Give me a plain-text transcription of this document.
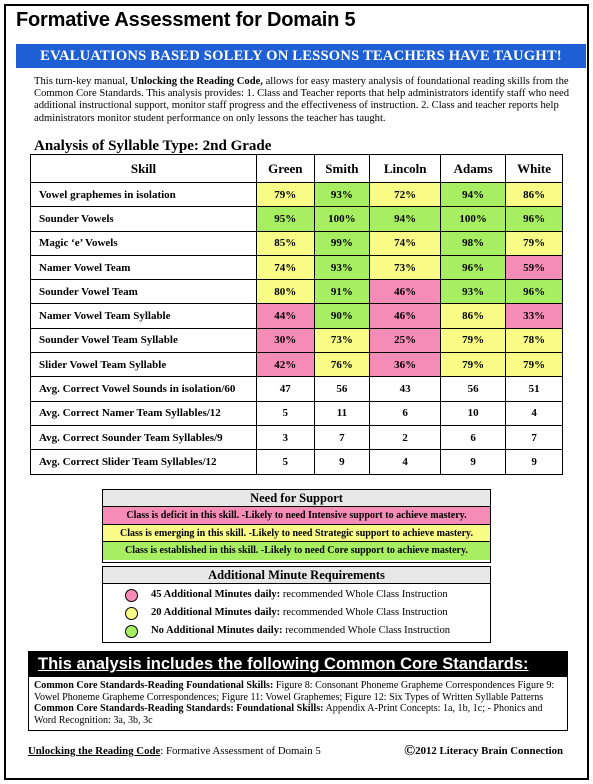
Formative Assessment for Domain 5
EVALUATIONS BASED SOLELY ON LESSONS TEACHERS HAVE TAUGHT!
This turn-key manual, Unlocking the Reading Code, allows for easy mastery analysis of foundational reading skills from the Common Core Standards. This analysis provides: 1. Class and Teacher reports that help administrators identify staff who need additional instructional support, monitor staff progress and the effectiveness of instruction. 2. Class and teacher reports help administrators monitor student performance on only lessons the teacher has taught.
Analysis of Syllable Type: 2nd Grade
Skill	Green	Smith	Lincoln	Adams	White
Vowel graphemes in isolation	79%	93%	72%	94%	86%
Sounder Vowels	95%	100%	94%	100%	96%
Magic ‘e’ Vowels	85%	99%	74%	98%	79%
Namer Vowel Team	74%	93%	73%	96%	59%
Sounder Vowel Team	80%	91%	46%	93%	96%
Namer Vowel Team Syllable	44%	90%	46%	86%	33%
Sounder Vowel Team Syllable	30%	73%	25%	79%	78%
Slider Vowel Team Syllable	42%	76%	36%	79%	79%
Avg. Correct Vowel Sounds in isolation/60	47	56	43	56	51
Avg. Correct Namer Team Syllables/12	5	11	6	10	4
Avg. Correct Sounder Team Syllables/9	3	7	2	6	7
Avg. Correct Slider Team Syllables/12	5	9	4	9	9
Need for Support
Class is deficit in this skill. -Likely to need Intensive support to achieve mastery.
Class is emerging in this skill. -Likely to need Strategic support to achieve mastery.
Class is established in this skill. -Likely to need Core support to achieve mastery.
Additional Minute Requirements
45 Additional Minutes daily: recommended Whole Class Instruction
20 Additional Minutes daily: recommended Whole Class Instruction
No Additional Minutes daily: recommended Whole Class Instruction
This analysis includes the following Common Core Standards:
Common Core Standards-Reading Foundational Skills: Figure 8: Consonant Phoneme Grapheme Correspondences Figure 9: Vowel Phoneme Grapheme Correspondences; Figure 11: Vowel Graphemes; Figure 12: Six Types of Written Syllable Patterns Common Core Standards-Reading Standards: Foundational Skills: Appendix A-Print Concepts: 1a, 1b, 1c; - Phonics and Word Recognition: 3a, 3b, 3c
Unlocking the Reading Code: Formative Assessment of Domain 5	©2012 Literacy Brain Connection
